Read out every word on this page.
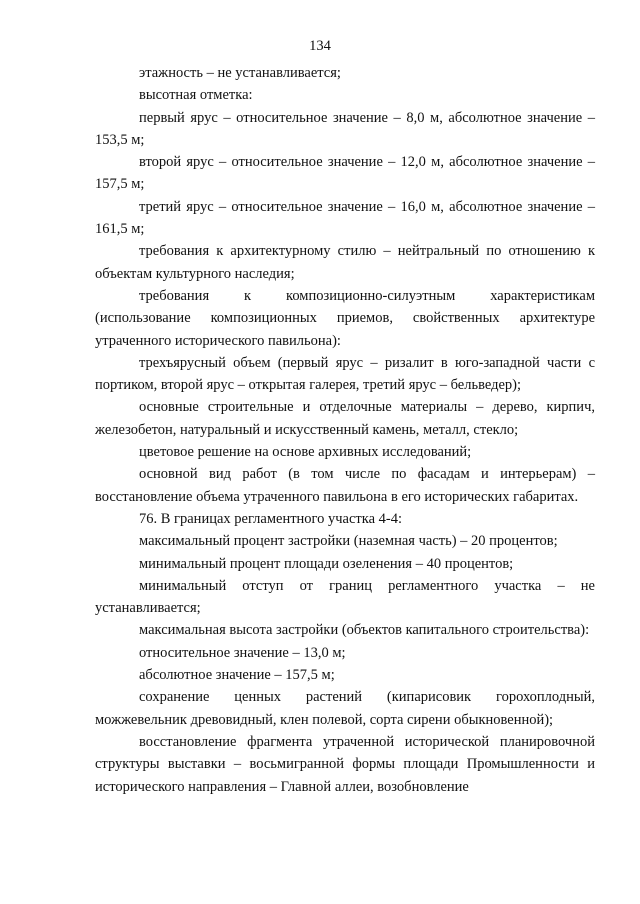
134

этажность – не устанавливается;

высотная отметка:

первый ярус – относительное значение – 8,0 м, абсолютное значение – 153,5 м;

второй ярус – относительное значение – 12,0 м, абсолютное значение – 157,5 м;

третий ярус – относительное значение – 16,0 м, абсолютное значение – 161,5 м;

требования к архитектурному стилю – нейтральный по отношению к объектам культурного наследия;

требования к композиционно-силуэтным характеристикам (использование композиционных приемов, свойственных архитектуре утраченного исторического павильона):

трехъярусный объем (первый ярус – ризалит в юго-западной части с портиком, второй ярус – открытая галерея, третий ярус – бельведер);

основные строительные и отделочные материалы – дерево, кирпич, железобетон, натуральный и искусственный камень, металл, стекло;

цветовое решение на основе архивных исследований;

основной вид работ (в том числе по фасадам и интерьерам) – восстановление объема утраченного павильона в его исторических габаритах.

76. В границах регламентного участка 4-4:

максимальный процент застройки (наземная часть) – 20 процентов;

минимальный процент площади озеленения – 40 процентов;

минимальный отступ от границ регламентного участка – не устанавливается;

максимальная высота застройки (объектов капитального строительства):

относительное значение – 13,0 м;

абсолютное значение – 157,5 м;

сохранение ценных растений (кипарисовик горохоплодный, можжевельник древовидный, клен полевой, сорта сирени обыкновенной);

восстановление фрагмента утраченной исторической планировочной структуры выставки – восьмигранной формы площади Промышленности и исторического направления – Главной аллеи, возобновление
